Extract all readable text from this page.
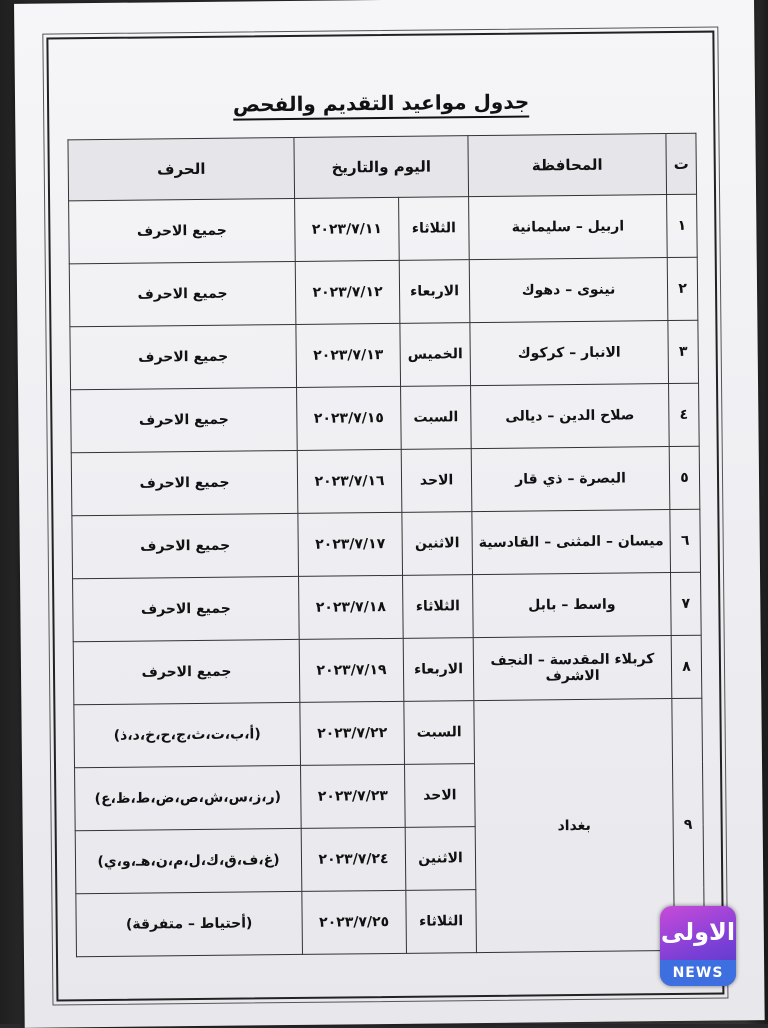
جدول مواعيد التقديم والفحص
ت	المحافظة	اليوم والتاريخ		الحرف
١	اربيل – سليمانية	الثلاثاء	٢٠٢٣/٧/١١	جميع الاحرف
٢	نينوى – دهوك	الاربعاء	٢٠٢٣/٧/١٢	جميع الاحرف
٣	الانبار – كركوك	الخميس	٢٠٢٣/٧/١٣	جميع الاحرف
٤	صلاح الدين – ديالى	السبت	٢٠٢٣/٧/١٥	جميع الاحرف
٥	البصرة – ذي قار	الاحد	٢٠٢٣/٧/١٦	جميع الاحرف
٦	ميسان – المثنى – القادسية	الاثنين	٢٠٢٣/٧/١٧	جميع الاحرف
٧	واسط – بابل	الثلاثاء	٢٠٢٣/٧/١٨	جميع الاحرف
٨	كربلاء المقدسة – النجف الاشرف	الاربعاء	٢٠٢٣/٧/١٩	جميع الاحرف
٩	بغداد	السبت	٢٠٢٣/٧/٢٢	(أ،ب،ت،ث،ج،ح،خ،د،ذ)
		الاحد	٢٠٢٣/٧/٢٣	(ر،ز،س،ش،ص،ض،ط،ظ،ع)
		الاثنين	٢٠٢٣/٧/٢٤	(غ،ف،ق،ك،ل،م،ن،هـ،و،ي)
		الثلاثاء	٢٠٢٣/٧/٢٥	(أحتياط – متفرقة)	الاولى
NEWS
